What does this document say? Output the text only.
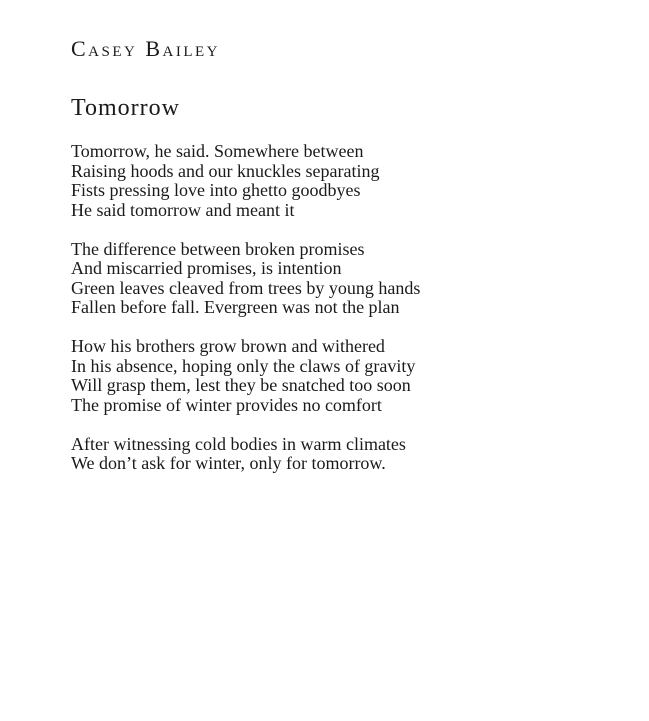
Casey Bailey
Tomorrow
Tomorrow, he said. Somewhere between
Raising hoods and our knuckles separating
Fists pressing love into ghetto goodbyes
He said tomorrow and meant it
The difference between broken promises
And miscarried promises, is intention
Green leaves cleaved from trees by young hands
Fallen before fall. Evergreen was not the plan
How his brothers grow brown and withered
In his absence, hoping only the claws of gravity
Will grasp them, lest they be snatched too soon
The promise of winter provides no comfort
After witnessing cold bodies in warm climates
We don’t ask for winter, only for tomorrow.
